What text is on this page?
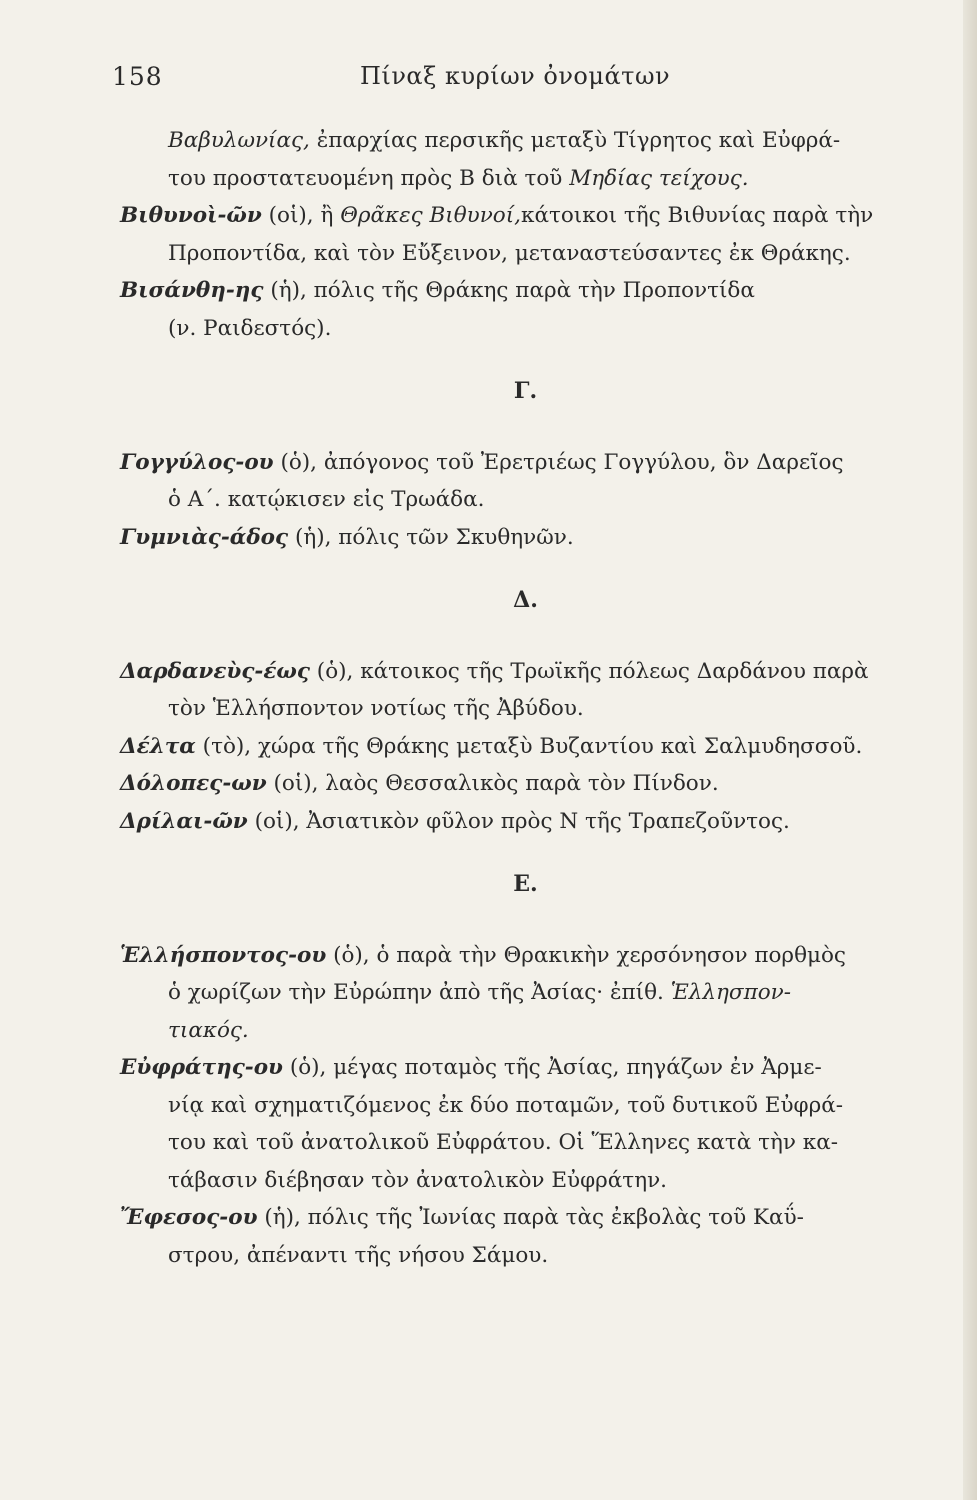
158	Πίναξ κυρίων ὀνομάτων
Βαβυλωνίας, ἐπαρχίας περσικῆς μεταξὺ Τίγρητος καὶ Εὐφρά-
του προστατευομένη πρὸς Β διὰ τοῦ Μηδίας τείχους.
Βιθυνοὶ-ῶν (οἱ), ἢ Θρᾶκες Βιθυνοί,κάτοικοι τῆς Βιθυνίας παρὰ τὴν
Προποντίδα, καὶ τὸν Εὔξεινον, μεταναστεύσαντες ἐκ Θράκης.
Βισάνθη-ης (ἡ), πόλις τῆς Θράκης παρὰ τὴν Προποντίδα
(ν. Ραιδεστός).
Γ.
Γογγύλος-ου (ὁ), ἀπόγονος τοῦ Ἐρετριέως Γογγύλου, ὃν Δαρεῖος
ὁ Α΄. κατῴκισεν εἰς Τρωάδα.
Γυμνιὰς-άδος (ἡ), πόλις τῶν Σκυθηνῶν.
Δ.
Δαρδανεὺς-έως (ὁ), κάτοικος τῆς Τρωϊκῆς πόλεως Δαρδάνου παρὰ
τὸν Ἑλλήσποντον νοτίως τῆς Ἀβύδου.
Δέλτα (τὸ), χώρα τῆς Θράκης μεταξὺ Βυζαντίου καὶ Σαλμυδησσοῦ.
Δόλοπες-ων (οἱ), λαὸς Θεσσαλικὸς παρὰ τὸν Πίνδον.
Δρίλαι-ῶν (οἱ), Ἀσιατικὸν φῦλον πρὸς Ν τῆς Τραπεζοῦντος.
Ε.
Ἑλλήσποντος-ου (ὁ), ὁ παρὰ τὴν Θρακικὴν χερσόνησον πορθμὸς
ὁ χωρίζων τὴν Εὐρώπην ἀπὸ τῆς Ἀσίας· ἐπίθ. Ἑλλησπον-
τιακός.
Εὐφράτης-ου (ὁ), μέγας ποταμὸς τῆς Ἀσίας, πηγάζων ἐν Ἀρμε-
νίᾳ καὶ σχηματιζόμενος ἐκ δύο ποταμῶν, τοῦ δυτικοῦ Εὐφρά-
του καὶ τοῦ ἀνατολικοῦ Εὐφράτου. Οἱ Ἕλληνες κατὰ τὴν κα-
τάβασιν διέβησαν τὸν ἀνατολικὸν Εὐφράτην.
Ἔφεσος-ου (ἡ), πόλις τῆς Ἰωνίας παρὰ τὰς ἐκβολὰς τοῦ Καΰ-
στρου, ἀπέναντι τῆς νήσου Σάμου.
